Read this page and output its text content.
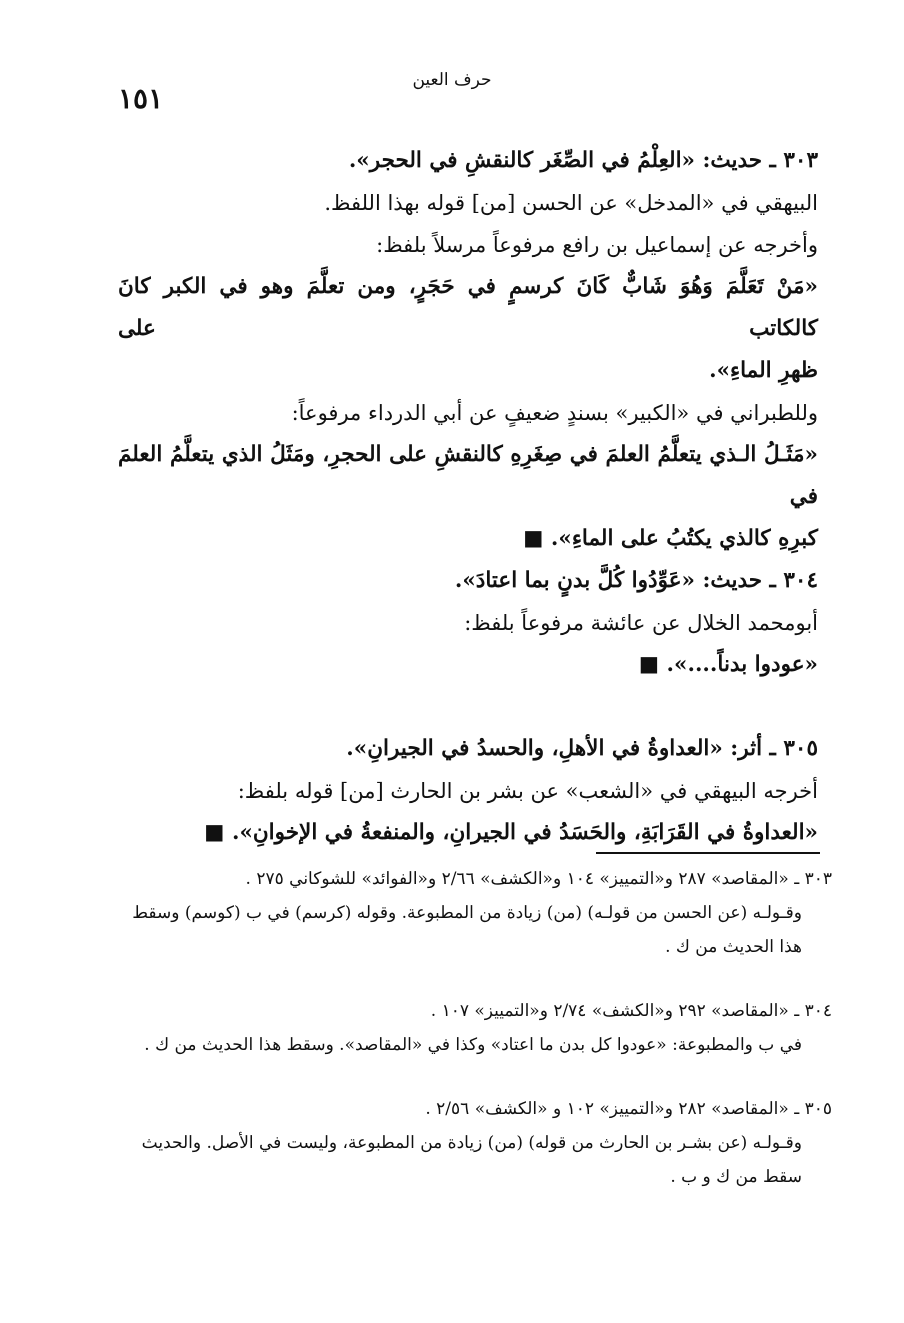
١٥١
حرف العين
٣٠٣ ـ حديث: «العِلْمُ في الصِّغَر كالنقشِ في الحجر».
البيهقي في «المدخل» عن الحسن [من] قوله بهذا اللفظ.
وأخرجه عن إسماعيل بن رافع مرفوعاً مرسلاً بلفظ:
«مَنْ تَعَلَّمَ وَهُوَ شَابٌّ كَانَ كرسمٍ في حَجَرٍ، ومن تعلَّمَ وهو في الكبر كانَ كالكاتب على
ظهرِ الماءِ».
وللطبراني في «الكبير» بسندٍ ضعيفٍ عن أبي الدرداء مرفوعاً:
«مَثَـلُ الـذي يتعلَّمُ العلمَ في صِغَرِهِ كالنقشِ على الحجرِ، ومَثَلُ الذي يتعلَّمُ العلمَ في
كبرِهِ كالذي يكتُبُ على الماءِ». ■
٣٠٤ ـ حديث: «عَوِّدُوا كُلَّ بدنٍ بما اعتادَ».
أبومحمد الخلال عن عائشة مرفوعاً بلفظ:
«عودوا بدناً....». ■
٣٠٥ ـ أثر: «العداوةُ في الأهلِ، والحسدُ في الجيرانِ».
أخرجه البيهقي في «الشعب» عن بشر بن الحارث [من] قوله بلفظ:
«العداوةُ في القَرَابَةِ، والحَسَدُ في الجيرانِ، والمنفعةُ في الإخوانِ». ■
٣٠٣ ـ «المقاصد» ٢٨٧ و«التمييز» ١٠٤ و«الكشف» ٢/٦٦ و«الفوائد» للشوكاني ٢٧٥ .
وقـولـه (عن الحسن من قولـه) (من) زيادة من المطبوعة. وقوله (كرسم) في ب (كوسم) وسقط
هذا الحديث من ك .
٣٠٤ ـ «المقاصد» ٢٩٢ و«الكشف» ٢/٧٤ و«التمييز» ١٠٧ .
في ب والمطبوعة: «عودوا كل بدن ما اعتاد» وكذا في «المقاصد». وسقط هذا الحديث من ك .
٣٠٥ ـ «المقاصد» ٢٨٢ و«التمييز» ١٠٢ و «الكشف» ٢/٥٦ .
وقـولـه (عن بشـر بن الحارث من قوله) (من) زيادة من المطبوعة، وليست في الأصل. والحديث
سقط من ك و ب .
